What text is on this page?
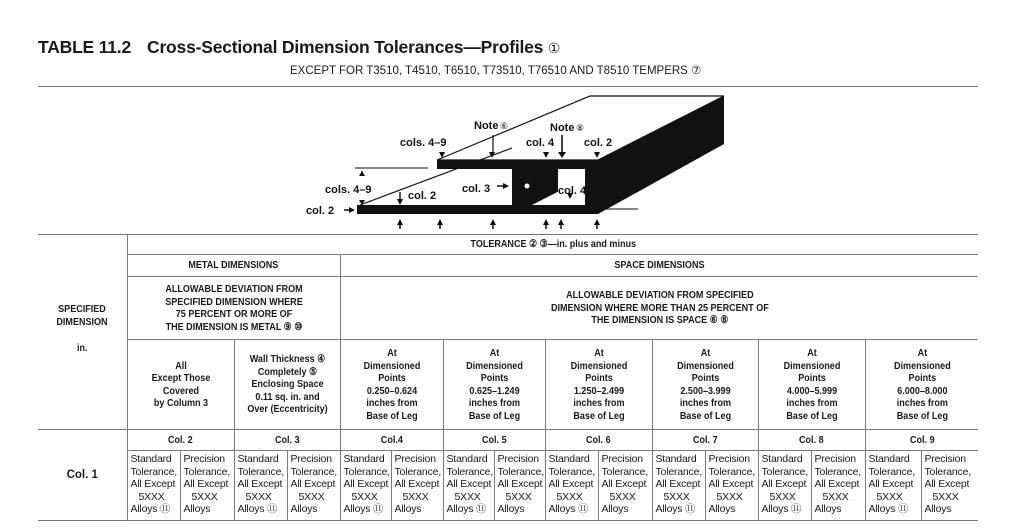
TABLE 11.2 Cross-Sectional Dimension Tolerances—Profiles ①
EXCEPT FOR T3510, T4510, T6510, T73510, T76510 AND T8510 TEMPERS ⑦
cols. 4–9
Note ⑥	Note ⑧
col. 4	col. 2
cols. 4–9	col. 2
col. 3	col. 4
col. 2
SPECIFIED DIMENSION
in.	TOLERANCE ② ③—in. plus and minus															
	METAL DIMENSIONS				SPACE DIMENSIONS											

	ALLOWABLE DEVIATION FROM
SPECIFIED DIMENSION WHERE
75 PERCENT OR MORE OF
THE DIMENSION IS METAL ⑨ ⑩				ALLOWABLE DEVIATION FROM SPECIFIED
DIMENSION WHERE MORE THAN 25 PERCENT OF
THE DIMENSION IS SPACE ⑥ ⑧											

All
Except Those
Covered
by Column 3

Wall Thickness ④
Completely ⑤
Enclosing Space
0.11 sq. in. and
Over (Eccentricity)

At
Dimensioned
Points
0.250–0.624
inches from
Base of Leg

At
Dimensioned
Points
0.625–1.249
inches from
Base of Leg

At
Dimensioned
Points
1.250–2.499
inches from
Base of Leg

At
Dimensioned
Points
2.500–3.999
inches from
Base of Leg

At
Dimensioned
Points
4.000–5.999
inches from
Base of Leg

At
Dimensioned
Points
6.000–8.000
inches from
Base of Leg

Col. 1	Col. 2		Col. 3		Col.4		Col. 5		Col. 6		Col. 7		Col. 8		Col. 9	

	Standard
Tolerance,
All Except
5XXX
Alloys ⑪	Precision
Tolerance,
All Except
5XXX
Alloys	Standard
Tolerance,
All Except
5XXX
Alloys ⑪	Precision
Tolerance,
All Except
5XXX
Alloys	Standard
Tolerance,
All Except
5XXX
Alloys ⑪	Precision
Tolerance,
All Except
5XXX
Alloys	Standard
Tolerance,
All Except
5XXX
Alloys ⑪	Precision
Tolerance,
All Except
5XXX
Alloys	Standard
Tolerance,
All Except
5XXX
Alloys ⑪	Precision
Tolerance,
All Except
5XXX
Alloys	Standard
Tolerance,
All Except
5XXX
Alloys ⑪	Precision
Tolerance,
All Except
5XXX
Alloys	Standard
Tolerance,
All Except
5XXX
Alloys ⑪	Precision
Tolerance,
All Except
5XXX
Alloys	Standard
Tolerance,
All Except
5XXX
Alloys ⑪	Precision
Tolerance,
All Except
5XXX
Alloys
